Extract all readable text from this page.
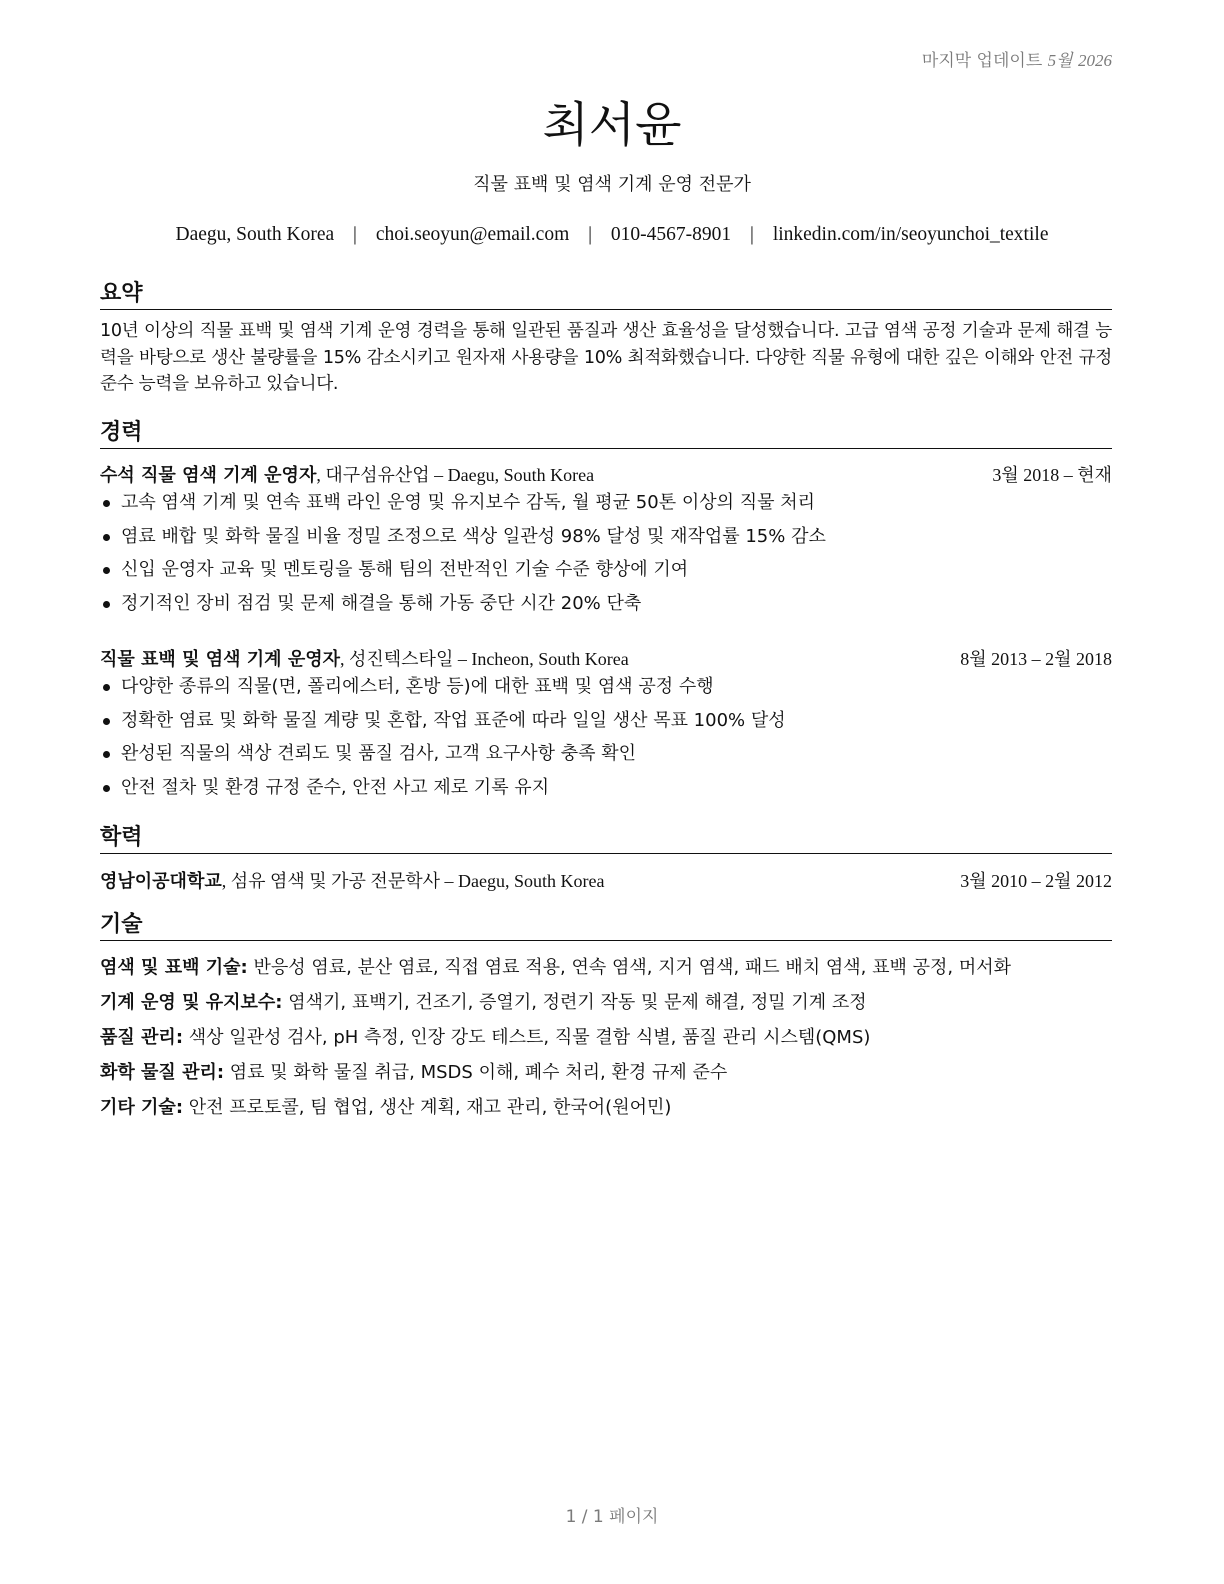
마지막 업데이트 5월 2026
최서윤
직물 표백 및 염색 기계 운영 전문가
Daegu, South Korea | choi.seoyun@email.com | 010-4567-8901 | linkedin.com/in/seoyunchoi_textile
요약
10년 이상의 직물 표백 및 염색 기계 운영 경력을 통해 일관된 품질과 생산 효율성을 달성했습니다. 고급 염색 공정 기술과 문제 해결 능력을 바탕으로 생산 불량률을 15% 감소시키고 원자재 사용량을 10% 최적화했습니다. 다양한 직물 유형에 대한 깊은 이해와 안전 규정 준수 능력을 보유하고 있습니다.
경력
수석 직물 염색 기계 운영자, 대구섬유산업 – Daegu, South Korea	3월 2018 – 현재
고속 염색 기계 및 연속 표백 라인 운영 및 유지보수 감독, 월 평균 50톤 이상의 직물 처리
염료 배합 및 화학 물질 비율 정밀 조정으로 색상 일관성 98% 달성 및 재작업률 15% 감소
신입 운영자 교육 및 멘토링을 통해 팀의 전반적인 기술 수준 향상에 기여
정기적인 장비 점검 및 문제 해결을 통해 가동 중단 시간 20% 단축
직물 표백 및 염색 기계 운영자, 성진텍스타일 – Incheon, South Korea	8월 2013 – 2월 2018
다양한 종류의 직물(면, 폴리에스터, 혼방 등)에 대한 표백 및 염색 공정 수행
정확한 염료 및 화학 물질 계량 및 혼합, 작업 표준에 따라 일일 생산 목표 100% 달성
완성된 직물의 색상 견뢰도 및 품질 검사, 고객 요구사항 충족 확인
안전 절차 및 환경 규정 준수, 안전 사고 제로 기록 유지
학력
영남이공대학교, 섬유 염색 및 가공 전문학사 – Daegu, South Korea	3월 2010 – 2월 2012
기술
염색 및 표백 기술: 반응성 염료, 분산 염료, 직접 염료 적용, 연속 염색, 지거 염색, 패드 배치 염색, 표백 공정, 머서화
기계 운영 및 유지보수: 염색기, 표백기, 건조기, 증열기, 정련기 작동 및 문제 해결, 정밀 기계 조정
품질 관리: 색상 일관성 검사, pH 측정, 인장 강도 테스트, 직물 결함 식별, 품질 관리 시스템(QMS)
화학 물질 관리: 염료 및 화학 물질 취급, MSDS 이해, 폐수 처리, 환경 규제 준수
기타 기술: 안전 프로토콜, 팀 협업, 생산 계획, 재고 관리, 한국어(원어민)
1 / 1 페이지
